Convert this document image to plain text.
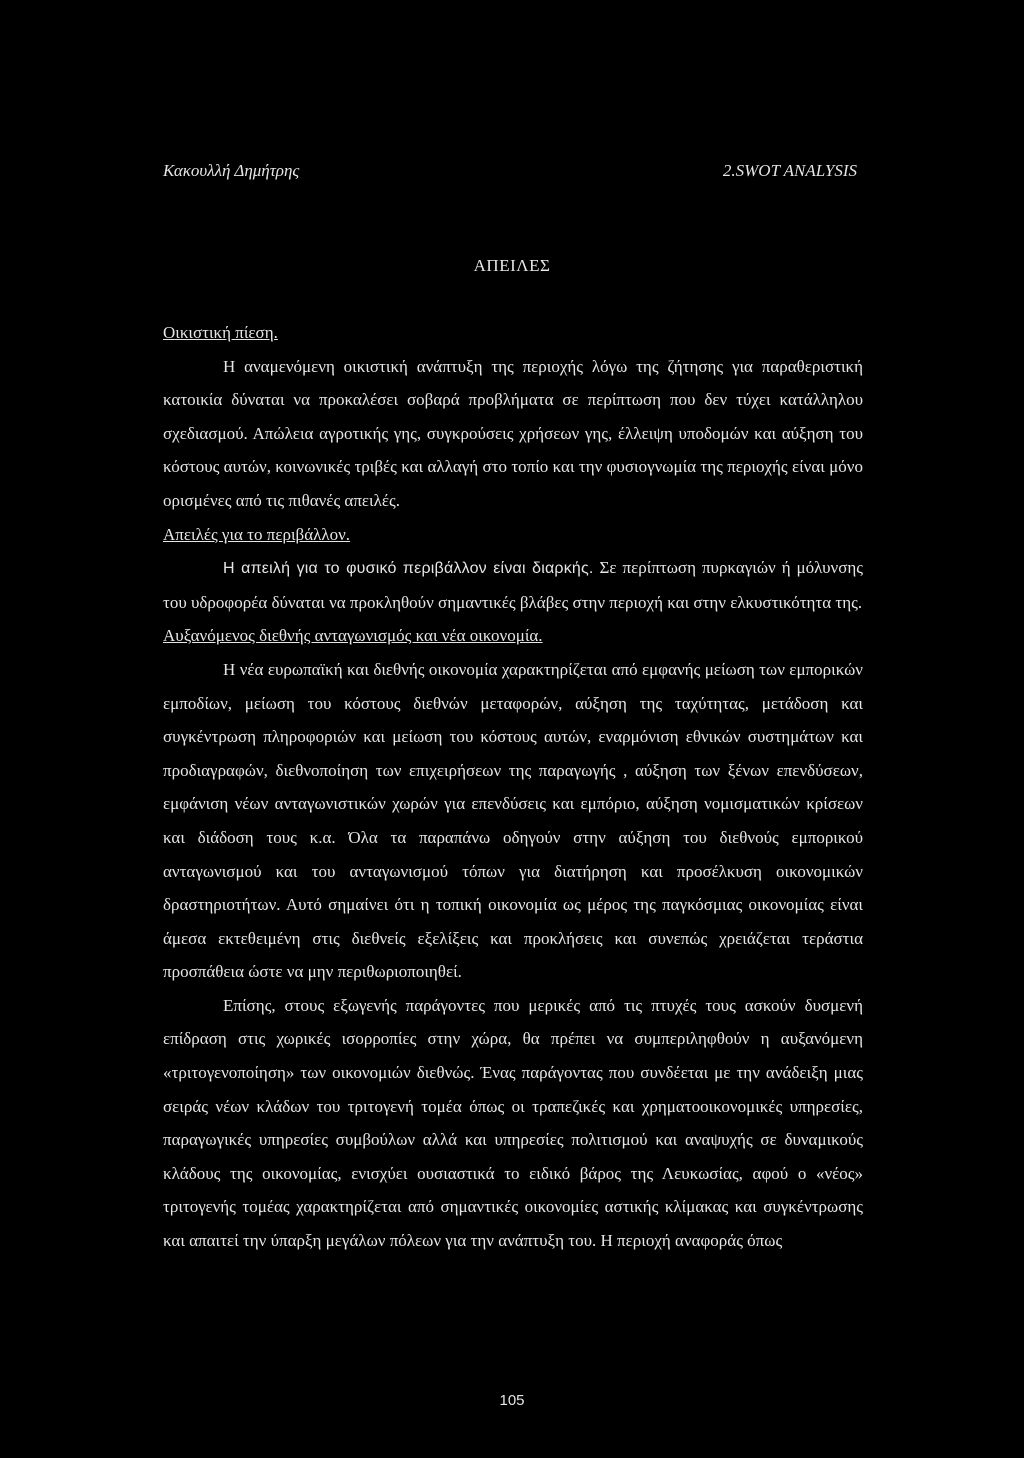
Κακουλλή Δημήτρης	2.SWOT ANALYSIS
ΑΠΕΙΛΕΣ

Οικιστική πίεση.

Η αναμενόμενη οικιστική ανάπτυξη της περιοχής λόγω της ζήτησης για παραθεριστική κατοικία δύναται να προκαλέσει σοβαρά προβλήματα σε περίπτωση που δεν τύχει κατάλληλου σχεδιασμού. Απώλεια αγροτικής γης, συγκρούσεις χρήσεων γης, έλλειψη υποδομών και αύξηση του κόστους αυτών, κοινωνικές τριβές και αλλαγή στο τοπίο και την φυσιογνωμία της περιοχής είναι μόνο ορισμένες από τις πιθανές απειλές.

Απειλές για το περιβάλλον.

Η απειλή για το φυσικό περιβάλλον είναι διαρκής. Σε περίπτωση πυρκαγιών ή μόλυνσης του υδροφορέα δύναται να προκληθούν σημαντικές βλάβες στην περιοχή και στην ελκυστικότητα της.

Αυξανόμενος διεθνής ανταγωνισμός και νέα οικονομία.

Η νέα ευρωπαϊκή και διεθνής οικονομία χαρακτηρίζεται από εμφανής μείωση των εμπορικών εμποδίων, μείωση του κόστους διεθνών μεταφορών, αύξηση της ταχύτητας, μετάδοση και συγκέντρωση πληροφοριών και μείωση του κόστους αυτών, εναρμόνιση εθνικών συστημάτων και προδιαγραφών, διεθνοποίηση των επιχειρήσεων της παραγωγής , αύξηση των ξένων επενδύσεων, εμφάνιση νέων ανταγωνιστικών χωρών για επενδύσεις και εμπόριο, αύξηση νομισματικών κρίσεων και διάδοση τους κ.α. Όλα τα παραπάνω οδηγούν στην αύξηση του διεθνούς εμπορικού ανταγωνισμού και του ανταγωνισμού τόπων για διατήρηση και προσέλκυση οικονομικών δραστηριοτήτων. Αυτό σημαίνει ότι η τοπική οικονομία ως μέρος της παγκόσμιας οικονομίας είναι άμεσα εκτεθειμένη στις διεθνείς εξελίξεις και προκλήσεις και συνεπώς χρειάζεται τεράστια προσπάθεια ώστε να μην περιθωριοποιηθεί.

Επίσης, στους εξωγενής παράγοντες που μερικές από τις πτυχές τους ασκούν δυσμενή επίδραση στις χωρικές ισορροπίες στην χώρα, θα πρέπει να συμπεριληφθούν η αυξανόμενη «τριτογενοποίηση» των οικονομιών διεθνώς. Ένας παράγοντας που συνδέεται με την ανάδειξη μιας σειράς νέων κλάδων του τριτογενή τομέα όπως οι τραπεζικές και χρηματοοικονομικές υπηρεσίες, παραγωγικές υπηρεσίες συμβούλων αλλά και υπηρεσίες πολιτισμού και αναψυχής σε δυναμικούς κλάδους της οικονομίας, ενισχύει ουσιαστικά το ειδικό βάρος της Λευκωσίας, αφού ο «νέος» τριτογενής τομέας χαρακτηρίζεται από σημαντικές οικονομίες αστικής κλίμακας και συγκέντρωσης και απαιτεί την ύπαρξη μεγάλων πόλεων για την ανάπτυξη του. Η περιοχή αναφοράς όπως

105
